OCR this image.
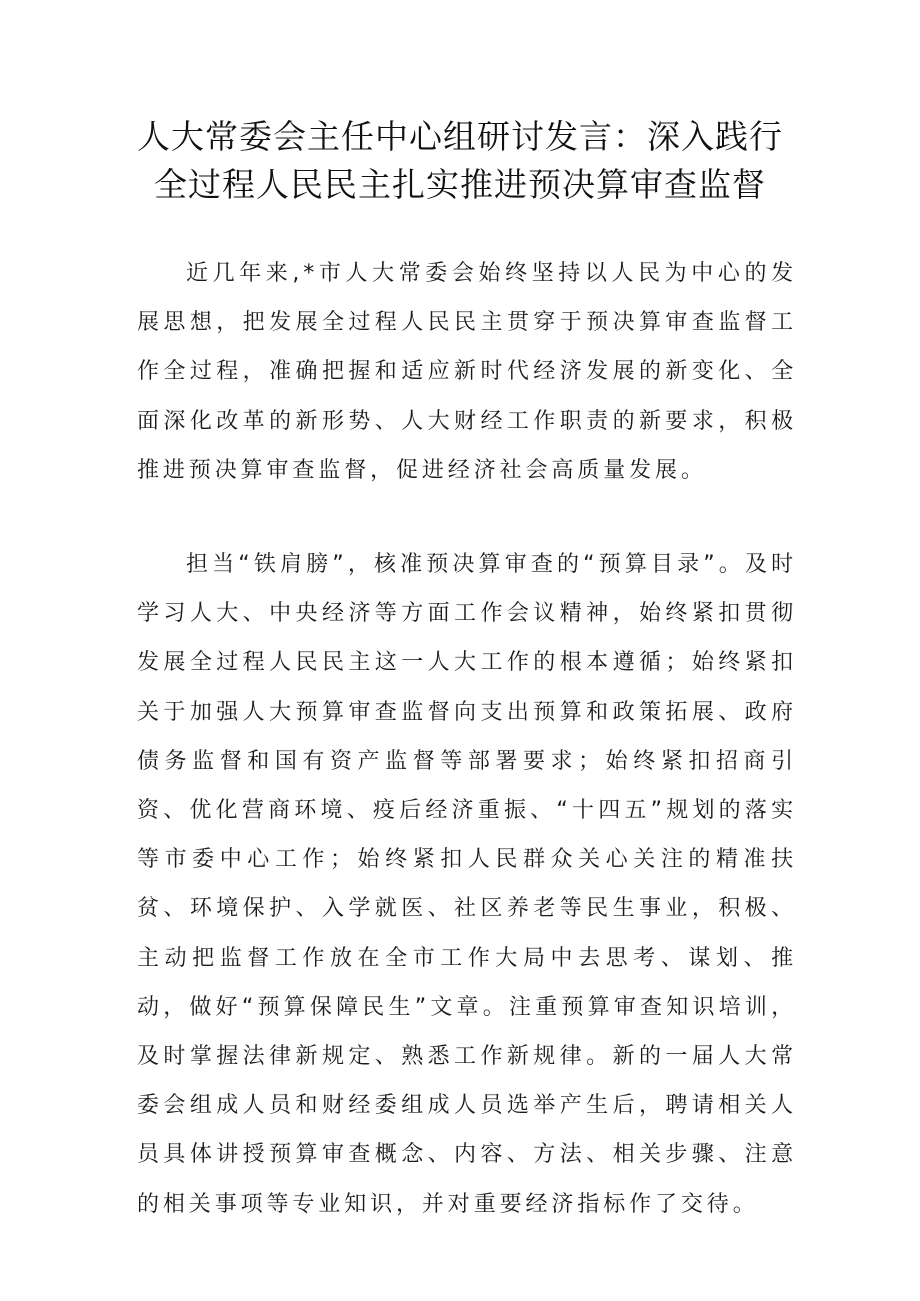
人大常委会主任中心组研讨发言：深入践行
全过程人民民主扎实推进预决算审查监督

近几年来,*市人大常委会始终坚持以人民为中心的发展思想，把发展全过程人民民主贯穿于预决算审查监督工作全过程，准确把握和适应新时代经济发展的新变化、全面深化改革的新形势、人大财经工作职责的新要求，积极推进预决算审查监督，促进经济社会高质量发展。

担当“铁肩膀”，核准预决算审查的“预算目录”。及时学习人大、中央经济等方面工作会议精神，始终紧扣贯彻发展全过程人民民主这一人大工作的根本遵循；始终紧扣关于加强人大预算审查监督向支出预算和政策拓展、政府债务监督和国有资产监督等部署要求；始终紧扣招商引资、优化营商环境、疫后经济重振、“十四五”规划的落实等市委中心工作；始终紧扣人民群众关心关注的精准扶贫、环境保护、入学就医、社区养老等民生事业，积极、主动把监督工作放在全市工作大局中去思考、谋划、推动，做好“预算保障民生”文章。注重预算审查知识培训，及时掌握法律新规定、熟悉工作新规律。新的一届人大常委会组成人员和财经委组成人员选举产生后，聘请相关人员具体讲授预算审查概念、内容、方法、相关步骤、注意的相关事项等专业知识，并对重要经济指标作了交待。
